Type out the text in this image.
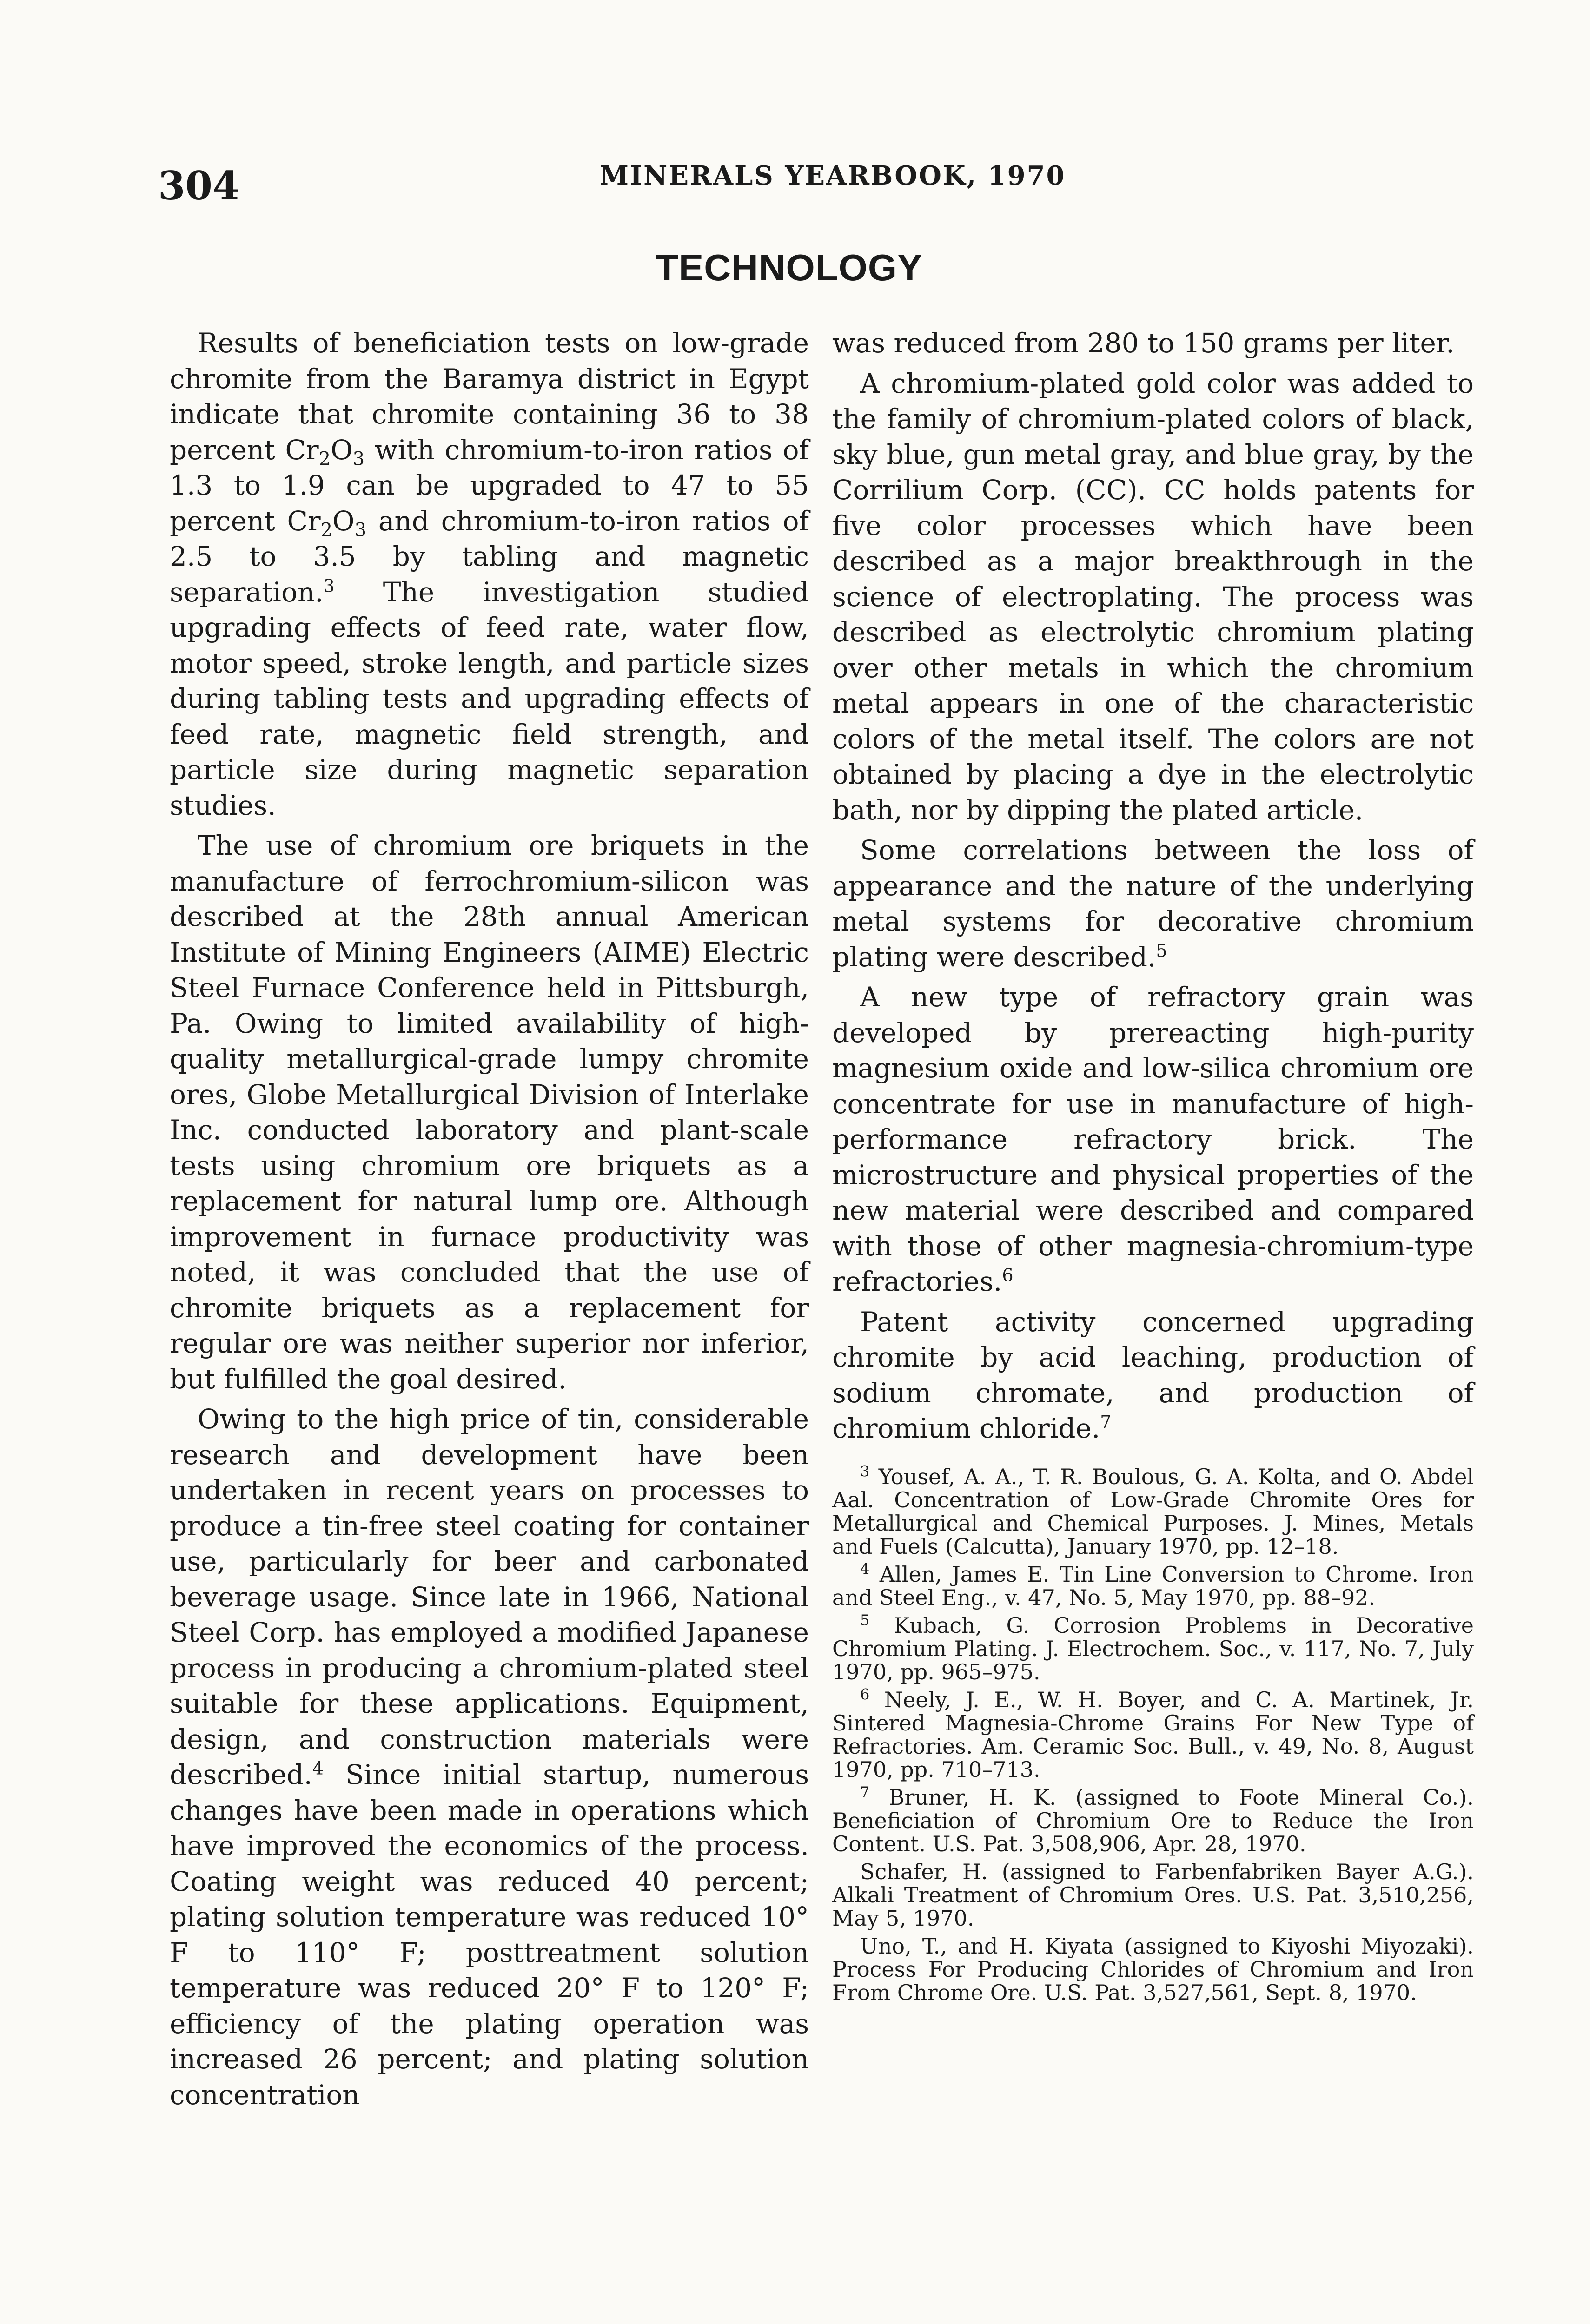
304	MINERALS YEARBOOK, 1970
TECHNOLOGY

Results of beneficiation tests on low-grade chromite from the Baramya district in Egypt indicate that chromite containing 36 to 38 percent $Cr_2O_3$ with chromium-to-iron ratios of 1.3 to 1.9 can be upgraded to 47 to 55 percent $Cr_2O_3$ and chromium-to-iron ratios of 2.5 to 3.5 by tabling and magnetic separation.$^3$ The investigation studied upgrading effects of feed rate, water flow, motor speed, stroke length, and particle sizes during tabling tests and upgrading effects of feed rate, magnetic field strength, and particle size during magnetic separation studies.

The use of chromium ore briquets in the manufacture of ferrochromium-silicon was described at the 28th annual American Institute of Mining Engineers (AIME) Electric Steel Furnace Conference held in Pittsburgh, Pa. Owing to limited availability of high-quality metallurgical-grade lumpy chromite ores, Globe Metallurgical Division of Interlake Inc. conducted laboratory and plant-scale tests using chromium ore briquets as a replacement for natural lump ore. Although improvement in furnace productivity was noted, it was concluded that the use of chromite briquets as a replacement for regular ore was neither superior nor inferior, but fulfilled the goal desired.

Owing to the high price of tin, considerable research and development have been undertaken in recent years on processes to produce a tin-free steel coating for container use, particularly for beer and carbonated beverage usage. Since late in 1966, National Steel Corp. has employed a modified Japanese process in producing a chromium-plated steel suitable for these applications. Equipment, design, and construction materials were described.$^4$ Since initial startup, numerous changes have been made in operations which have improved the economics of the process. Coating weight was reduced 40 percent; plating solution temperature was reduced 10° F to 110° F; posttreatment solution temperature was reduced 20° F to 120° F; efficiency of the plating operation was increased 26 percent; and plating solution concentration

was reduced from 280 to 150 grams per liter.

A chromium-plated gold color was added to the family of chromium-plated colors of black, sky blue, gun metal gray, and blue gray, by the Corrilium Corp. (CC). CC holds patents for five color processes which have been described as a major breakthrough in the science of electroplating. The process was described as electrolytic chromium plating over other metals in which the chromium metal appears in one of the characteristic colors of the metal itself. The colors are not obtained by placing a dye in the electrolytic bath, nor by dipping the plated article.

Some correlations between the loss of appearance and the nature of the underlying metal systems for decorative chromium plating were described.$^5$

A new type of refractory grain was developed by prereacting high-purity magnesium oxide and low-silica chromium ore concentrate for use in manufacture of high-performance refractory brick. The microstructure and physical properties of the new material were described and compared with those of other magnesia-chromium-type refractories.$^6$

Patent activity concerned upgrading chromite by acid leaching, production of sodium chromate, and production of chromium chloride.$^7$

$^3$ Yousef, A. A., T. R. Boulous, G. A. Kolta, and O. Abdel Aal. Concentration of Low-Grade Chromite Ores for Metallurgical and Chemical Purposes. J. Mines, Metals and Fuels (Calcutta), January 1970, pp. 12–18.

$^4$ Allen, James E. Tin Line Conversion to Chrome. Iron and Steel Eng., v. 47, No. 5, May 1970, pp. 88–92.

$^5$ Kubach, G. Corrosion Problems in Decorative Chromium Plating. J. Electrochem. Soc., v. 117, No. 7, July 1970, pp. 965–975.

$^6$ Neely, J. E., W. H. Boyer, and C. A. Martinek, Jr. Sintered Magnesia-Chrome Grains For New Type of Refractories. Am. Ceramic Soc. Bull., v. 49, No. 8, August 1970, pp. 710–713.

$^7$ Bruner, H. K. (assigned to Foote Mineral Co.). Beneficiation of Chromium Ore to Reduce the Iron Content. U.S. Pat. 3,508,906, Apr. 28, 1970.

Schafer, H. (assigned to Farbenfabriken Bayer A.G.). Alkali Treatment of Chromium Ores. U.S. Pat. 3,510,256, May 5, 1970.

Uno, T., and H. Kiyata (assigned to Kiyoshi Miyozaki). Process For Producing Chlorides of Chromium and Iron From Chrome Ore. U.S. Pat. 3,527,561, Sept. 8, 1970.
